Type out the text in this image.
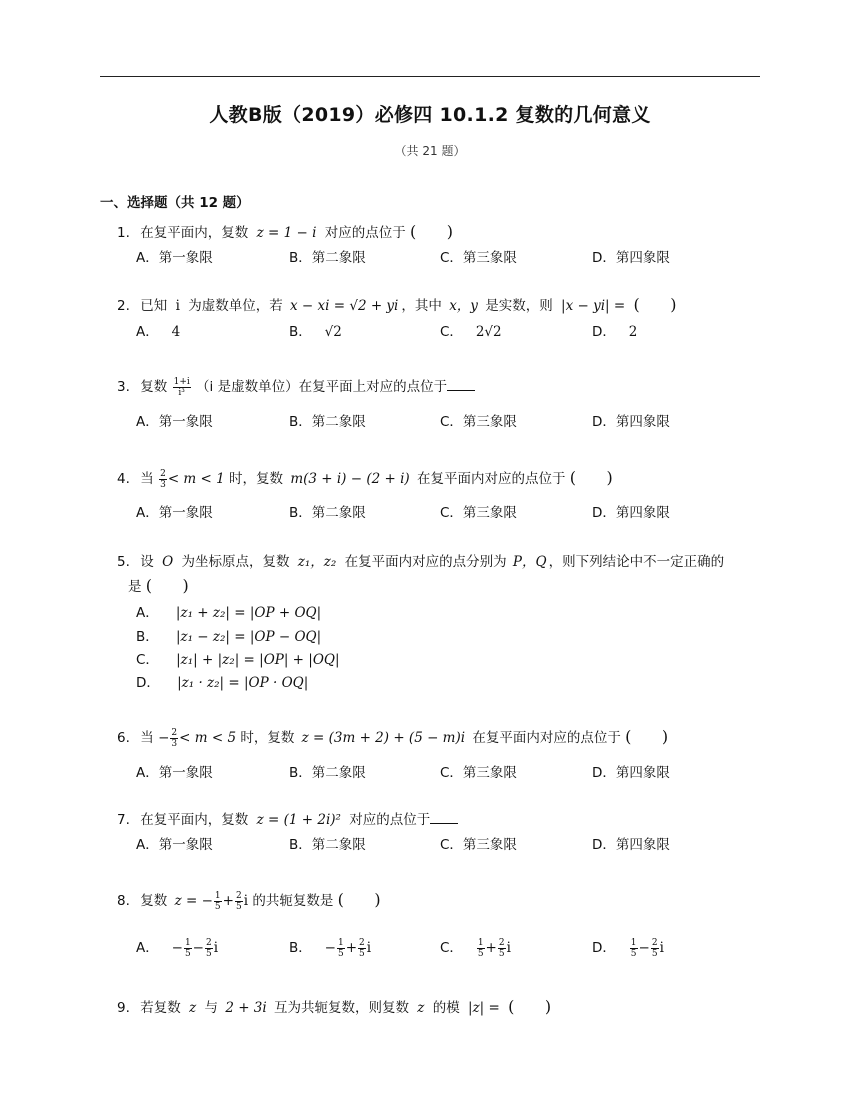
人教B版（2019）必修四 10.1.2 复数的几何意义
（共 21 题）
一、选择题（共 12 题）
1. 在复平面内，复数 z = 1 − i 对应的点位于 (      )
A．第一象限	B．第二象限	C．第三象限	D．第四象限
2. 已知 i 为虚数单位，若 x − xi = √2 + yi ，其中 x，y 是实数，则 |x − yi| = (      )
A． 4	B． √2	C． 2√2	D． 2
3. 复数 $\frac{1+i}{\text{i³}} (i$ 是虚数单位）在复平面上对应的点位于
A．第一象限	B．第二象限	C．第三象限	D．第四象限
4. 当 $\frac{2}{3} < m < 1$ 时，复数 m(3 + i) − (2 + i) 在复平面内对应的点位于 (      )
A．第一象限	B．第二象限	C．第三象限	D．第四象限
5. 设 O 为坐标原点，复数 z₁，z₂ 在复平面内对应的点分别为 P，Q ，则下列结论中不一定正确的
是 (      )
A． |z₁ + z₂| = |OP + OQ|
B． |z₁ − z₂| = |OP − OQ|
C． |z₁| + |z₂| = |OP| + |OQ|
D． |z₁ · z₂| = |OP · OQ|
6. 当 − $\frac{2}{3} < m < 5$ 时，复数 z = (3m + 2) + (5 − m)i 在复平面内对应的点位于 (      )
A．第一象限	B．第二象限	C．第三象限	D．第四象限
7. 在复平面内，复数 z = (1 + 2i)² 对应的点位于
A．第一象限	B．第二象限	C．第三象限	D．第四象限
8. 复数 z = − $\frac{1}{5} + \frac{2}{5}$ i 的共轭复数是 (      )
A． − $\frac{1}{5} - \frac{2}{5}$ i	B． − $\frac{1}{5} + \frac{2}{5}$ i	C． $\frac{1}{5} + \frac{2}{5}$ i	D． $\frac{1}{5} - \frac{2}{5}$ i
9. 若复数 z 与 2 + 3i 互为共轭复数，则复数 z 的模 |z| = (      )
